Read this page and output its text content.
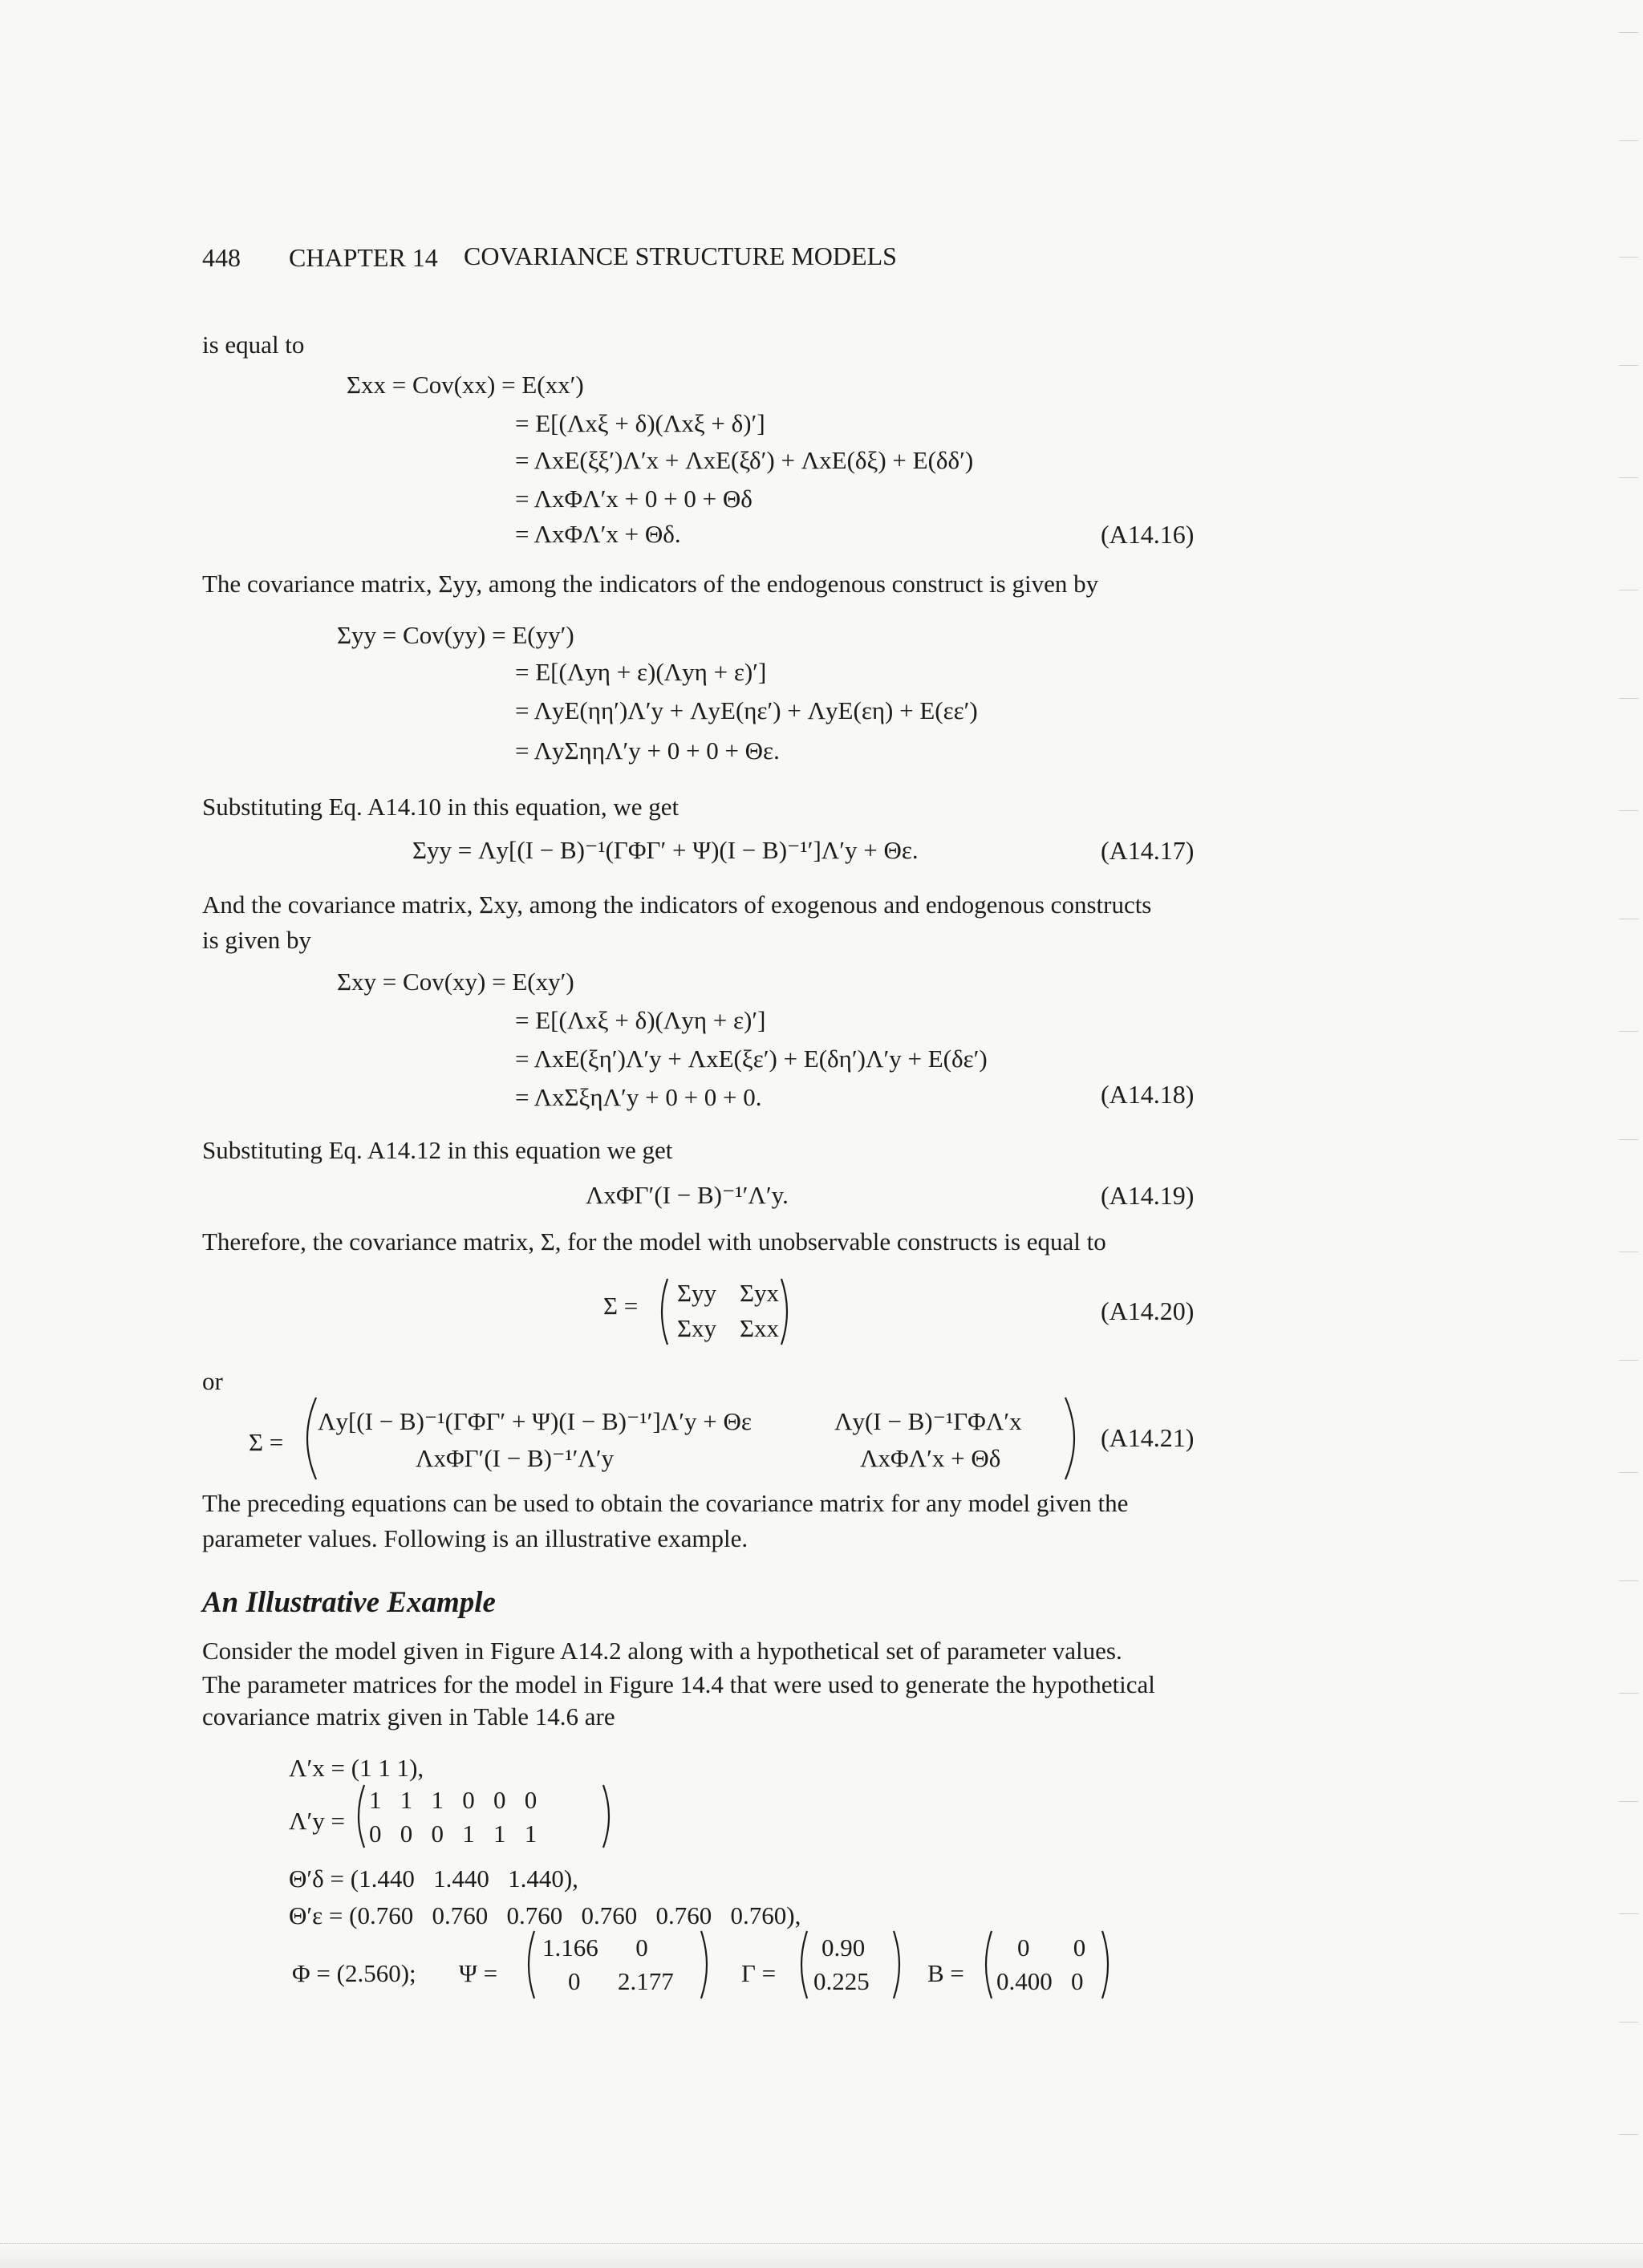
448 CHAPTER 14 COVARIANCE STRUCTURE MODELS
is equal to
Σxx = Cov(xx) = E(xx′)
= E[(Λxξ + δ)(Λxξ + δ)′]
= ΛxE(ξξ′)Λ′x + ΛxE(ξδ′) + ΛxE(δξ) + E(δδ′)
= ΛxΦΛ′x + 0 + 0 + Θδ
= ΛxΦΛ′x + Θδ.	(A14.16)
The covariance matrix, Σyy, among the indicators of the endogenous construct is given by
Σyy = Cov(yy) = E(yy′)
= E[(Λyη + ε)(Λyη + ε)′]
= ΛyE(ηη′)Λ′y + ΛyE(ηε′) + ΛyE(εη) + E(εε′)
= ΛyΣηηΛ′y + 0 + 0 + Θε.
Substituting Eq. A14.10 in this equation, we get
Σyy = Λy[(I − B)⁻¹(ΓΦΓ′ + Ψ)(I − B)⁻¹′]Λ′y + Θε.	(A14.17)
And the covariance matrix, Σxy, among the indicators of exogenous and endogenous constructs
is given by
Σxy = Cov(xy) = E(xy′)
= E[(Λxξ + δ)(Λyη + ε)′]
= ΛxE(ξη′)Λ′y + ΛxE(ξε′) + E(δη′)Λ′y + E(δε′)
= ΛxΣξηΛ′y + 0 + 0 + 0.	(A14.18)
Substituting Eq. A14.12 in this equation we get
ΛxΦΓ′(I − B)⁻¹′Λ′y.	(A14.19)
Therefore, the covariance matrix, Σ, for the model with unobservable constructs is equal to
Σ = Σyy Σyx
Σxy Σxx
(A14.20)
or
Σ =
Λy[(I − B)⁻¹(ΓΦΓ′ + Ψ)(I − B)⁻¹′]Λ′y + Θε	Λy(I − B)⁻¹ΓΦΛ′x
ΛxΦΓ′(I − B)⁻¹′Λ′y	ΛxΦΛ′x + Θδ
(A14.21)
The preceding equations can be used to obtain the covariance matrix for any model given the
parameter values. Following is an illustrative example.
An Illustrative Example
Consider the model given in Figure A14.2 along with a hypothetical set of parameter values.
The parameter matrices for the model in Figure 14.4 that were used to generate the hypothetical
covariance matrix given in Table 14.6 are
Λ′x = (1 1 1),
Λ′y =
1   1   1   0   0   0
0   0   0   1   1   1
Θ′δ = (1.440   1.440   1.440),
Θ′ε = (0.760   0.760   0.760   0.760   0.760   0.760),
Φ = (2.560); Ψ =
1.166      0
0      2.177	Γ =
0.90
0.225 B =
0       0
0.400   0
